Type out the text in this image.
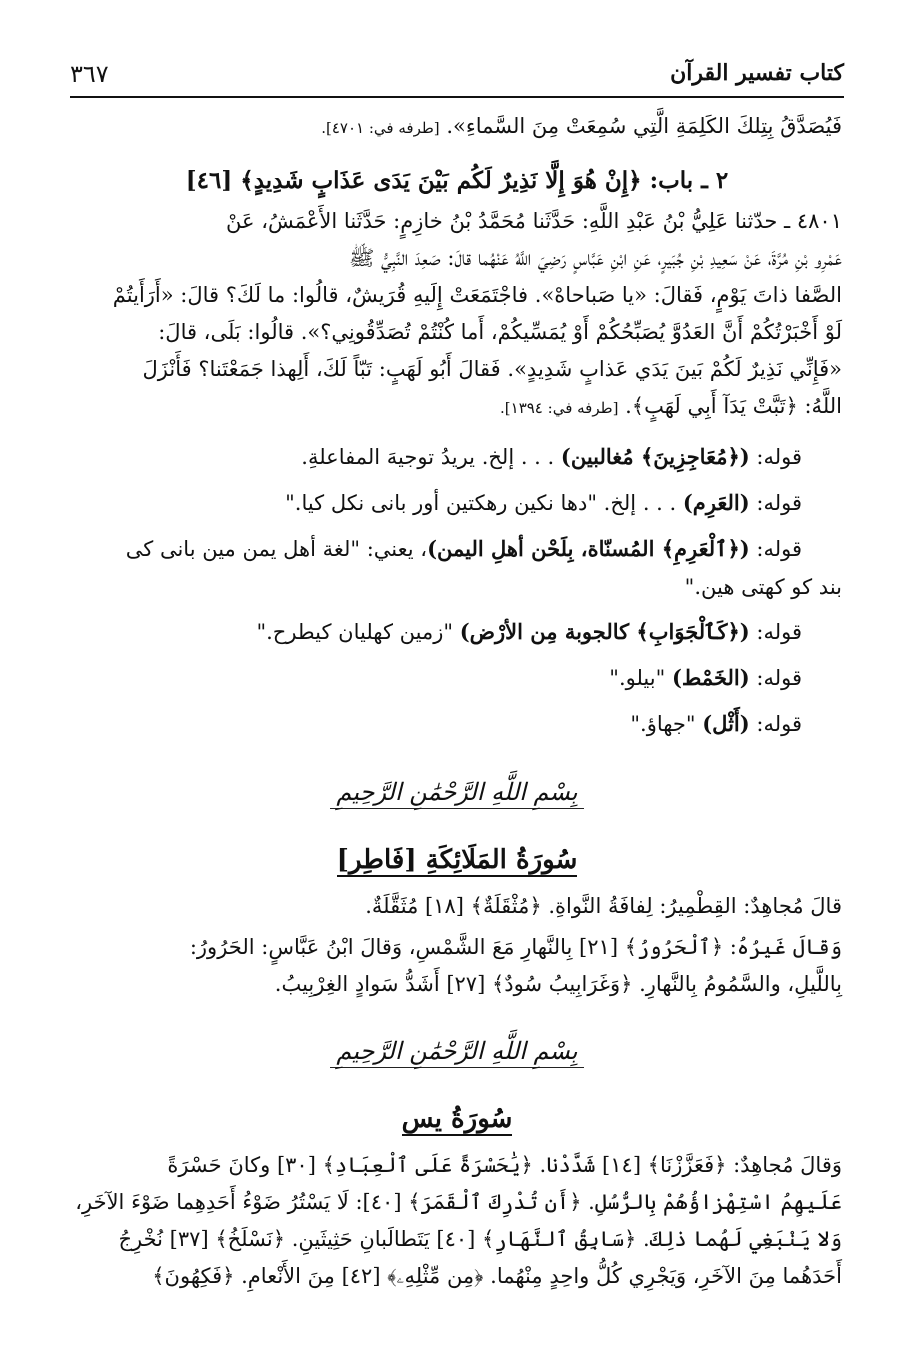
كتاب تفسير القرآن
٣٦٧

فَيُصَدَّقُ بِتِلكَ الكَلِمَةِ الَّتِي سُمِعَتْ مِنَ السَّماءِ». [طرفه في: ٤٧٠١].

٢ ـ باب: ﴿إِنْ هُوَ إِلَّا نَذِيرٌ لَكُم بَيْنَ يَدَى عَذَابٍ شَدِيدٍ﴾ [٤٦]

٤٨٠١ ـ حدّثنا عَلِيُّ بْنُ عَبْدِ اللَّهِ: حَدَّثَنا مُحَمَّدُ بْنُ خازِمٍ: حَدَّثَنا الأَعْمَشُ، عَنْ

عَمْرِو بْنِ مُرَّةَ، عَنْ سَعِيدِ بْنِ جُبَيرٍ، عَنِ ابْنِ عَبَّاسٍ رَضِيَ اللَّهُ عَنْهُما قالَ: صَعِدَ النَّبِيُّ ﷺ

الصَّفا ذاتَ يَوْمٍ، فَقالَ: «يا صَباحاهْ». فاجْتَمَعَتْ إِلَيهِ قُرَيشٌ، قالُوا: ما لَكَ؟ قالَ: «أَرَأَيتُمْ

لَوْ أَخْبَرْتُكُمْ أَنَّ العَدُوَّ يُصَبِّحُكُمْ أَوْ يُمَسِّيكُمْ، أَما كُنْتُمْ تُصَدِّقُونِي؟». قالُوا: بَلَى، قالَ:

«فَإِنِّي نَذِيرٌ لَكُمْ بَينَ يَدَي عَذابٍ شَدِيدٍ». فَقالَ أَبُو لَهَبٍ: تَبّاً لَكَ، أَلِهذا جَمَعْتَنا؟ فَأَنْزَلَ

اللَّهُ: ﴿تَبَّتْ يَدَآ أَبِي لَهَبٍ﴾. [طرفه في: ١٣٩٤].

قوله: (﴿مُعَاجِزِينَ﴾ مُغالبين) . . . إلخ. يريدُ توجيهَ المفاعلةِ.

قوله: (العَرِم) . . . إلخ. "دها نكين رهكتين أور بانى نكل كيا."

قوله: (﴿ٱلْعَرِمِ﴾ المُسنّاة، بِلَحْن أهلِ اليمن)، يعني: "لغة أهل يمن مين بانى كى

بند كو كهتى هين."

قوله: (﴿كَٱلْجَوَابِ﴾ كالجوبة مِن الأرْض) "زمين كهليان كيطرح."

قوله: (الخَمْط) "بيلو."

قوله: (أَثْل) "جهاؤ."

بِسْمِ اللَّهِ الرَّحْمَٰنِ الرَّحِيمِ

سُورَةُ المَلَائِكَةِ [فَاطِر]

قالَ مُجاهِدٌ: القِطْمِيرُ: لِفافَةُ النَّواةِ. ﴿مُثْقَلَةٌ﴾ [١٨] مُثَقَّلَةٌ.

وَقالَ غَيرُهُ: ﴿ٱلْحَرُورُ﴾ [٢١] بِالنَّهارِ مَعَ الشَّمْسِ، وَقالَ ابْنُ عَبَّاسٍ: الحَرُورُ:

بِاللَّيلِ، والسَّمُومُ بِالنَّهارِ. ﴿وَغَرَابِيبُ سُودٌ﴾ [٢٧] أَشَدُّ سَوادٍ الغِرْبِيبُ.

بِسْمِ اللَّهِ الرَّحْمَٰنِ الرَّحِيمِ

سُورَةُ يس

وَقالَ مُجاهِدٌ: ﴿فَعَزَّزْنَا﴾ [١٤] شَدَّدْنا. ﴿يَٰحَسْرَةً عَلَى ٱلْعِبَادِ﴾ [٣٠] وكانَ حَسْرَةً

عَلَيهِمُ اسْتِهْزاؤُهُمْ بِالرُّسُلِ. ﴿أَن تُدْرِكَ ٱلْقَمَرَ﴾ [٤٠]: لَا يَسْتُرُ ضَوْءُ أَحَدِهِما ضَوْءَ الآخَرِ،

وَلا يَنْبَغِي لَهُما ذلِكَ. ﴿سَابِقُ ٱلنَّهَارِ﴾ [٤٠] يَتَطالَبانِ حَثِيثَينِ. ﴿نَسْلَخُ﴾ [٣٧] نُخْرِجُ

أَحَدَهُما مِنَ الآخَرِ، وَيَجْرِي كُلُّ واحِدٍ مِنْهُما. ﴿مِن مِّثْلِهِۦ﴾ [٤٢] مِنَ الأَنْعامِ. ﴿فَكِهُونَ﴾
